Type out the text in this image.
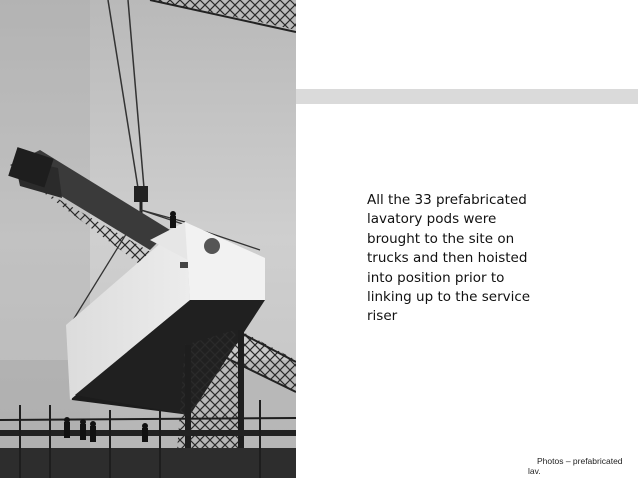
All the 33 prefabricated lavatory pods were brought to the site on trucks and then hoisted into position prior to linking up to the service riser

Photos – prefabricated lav.
